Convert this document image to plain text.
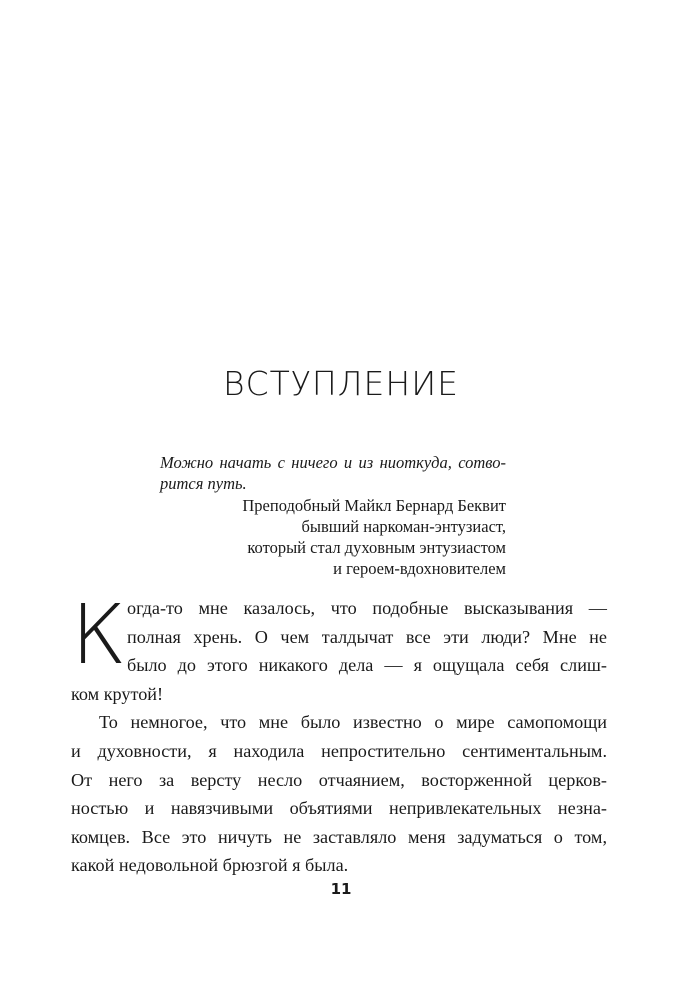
ВСТУПЛЕНИЕ

Можно начать с ничего и из ниоткуда, сотво-
рится путь.

Преподобный Майкл Бернард Беквит
бывший наркоман-энтузиаст,
который стал духовным энтузиастом
и героем-вдохновителем

К огда-то мне казалось, что подобные высказывания —
полная хрень. О чем талдычат все эти люди? Мне не
было до этого никакого дела — я ощущала себя слиш-
ком крутой!

То немногое, что мне было известно о мире самопомощи
и духовности, я находила непростительно сентиментальным.
От него за версту несло отчаянием, восторженной церков-
ностью и навязчивыми объятиями непривлекательных незна-
комцев. Все это ничуть не заставляло меня задуматься о том,
какой недовольной брюзгой я была.

11
